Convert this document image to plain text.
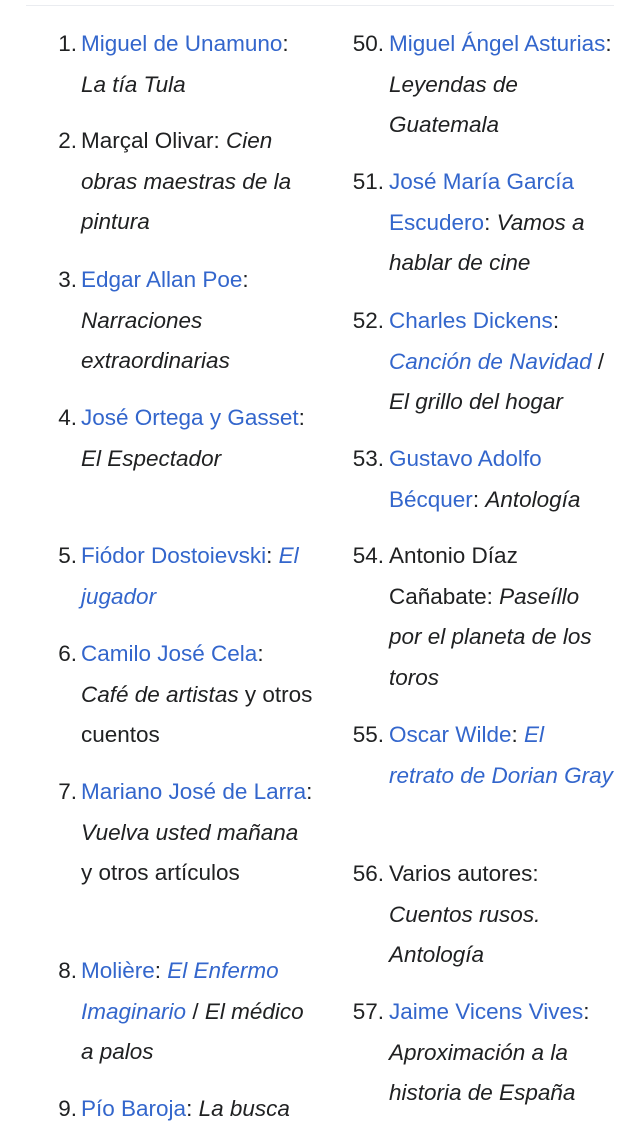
1. Miguel de Unamuno: La tía Tula
2. Marçal Olivar: Cien obras maestras de la pintura
3. Edgar Allan Poe: Narraciones extraordinarias
4. José Ortega y Gasset: El Espectador
5. Fiódor Dostoievski: El jugador
6. Camilo José Cela: Café de artistas y otros cuentos
7. Mariano José de Larra: Vuelva usted mañana y otros artículos
8. Molière: El Enfermo Imaginario / El médico a palos
9. Pío Baroja: La busca
50. Miguel Ángel Asturias: Leyendas de Guatemala
51. José María García Escudero: Vamos a hablar de cine
52. Charles Dickens: Canción de Navidad / El grillo del hogar
53. Gustavo Adolfo Bécquer: Antología
54. Antonio Díaz Cañabate: Paseíllo por el planeta de los toros
55. Oscar Wilde: El retrato de Dorian Gray
56. Varios autores: Cuentos rusos. Antología
57. Jaime Vicens Vives: Aproximación a la historia de España
